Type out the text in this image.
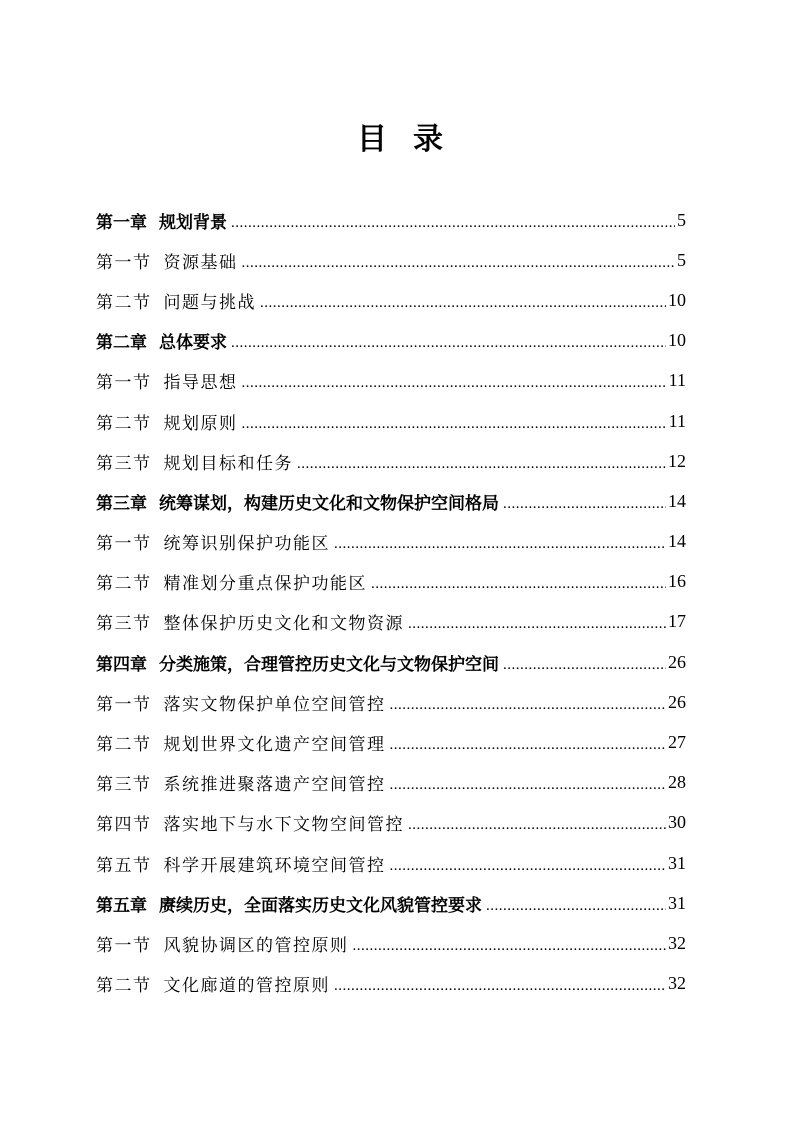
目 录
第一章 规划背景 .....	5
第一节 资源基础 .....	5
第二节 问题与挑战 .....	10
第二章 总体要求 .....	10
第一节 指导思想 .....	11
第二节 规划原则 .....	11
第三节 规划目标和任务 .....	12
第三章 统筹谋划，构建历史文化和文物保护空间格局 .....	14
第一节 统筹识别保护功能区 .....	14
第二节 精准划分重点保护功能区 .....	16
第三节 整体保护历史文化和文物资源 .....	17
第四章 分类施策，合理管控历史文化与文物保护空间 .....	26
第一节 落实文物保护单位空间管控 .....	26
第二节 规划世界文化遗产空间管理 .....	27
第三节 系统推进聚落遗产空间管控 .....	28
第四节 落实地下与水下文物空间管控 .....	30
第五节 科学开展建筑环境空间管控 .....	31
第五章 赓续历史，全面落实历史文化风貌管控要求 .....	31
第一节 风貌协调区的管控原则 .....	32
第二节 文化廊道的管控原则 .....	32
